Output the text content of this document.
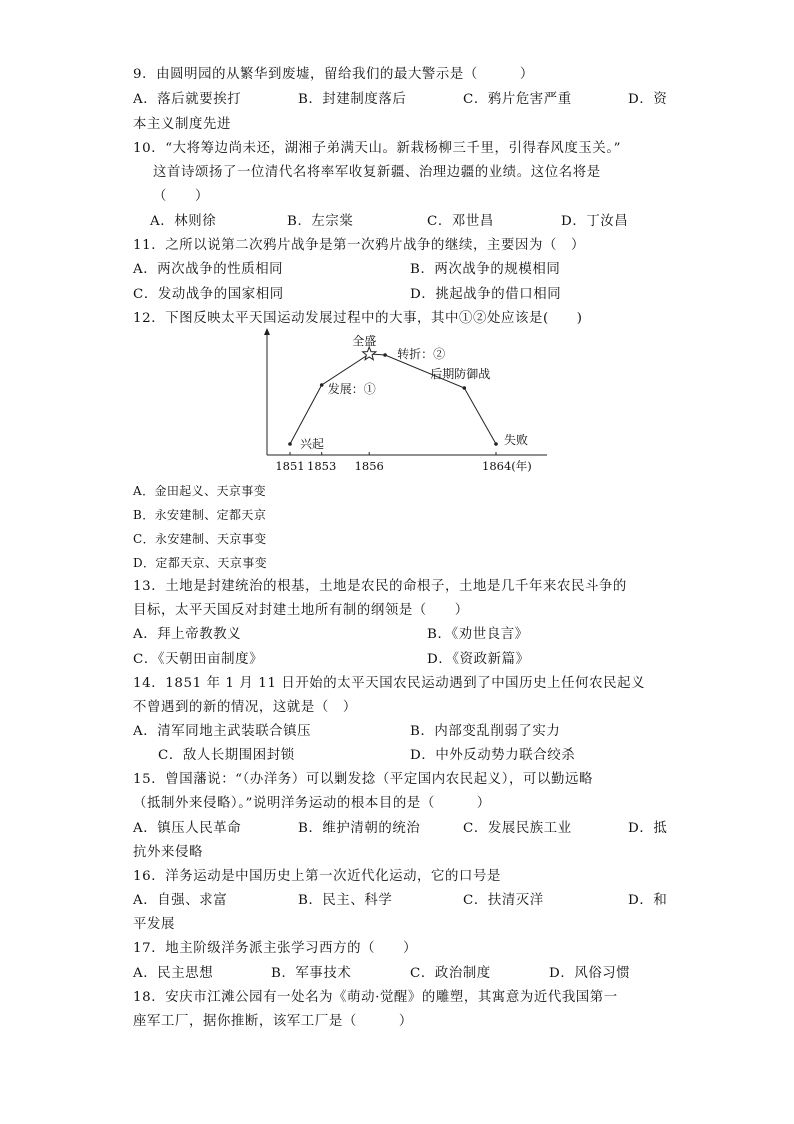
9．由圆明园的从繁华到废墟，留给我们的最大警示是（　　　）
A．落后就要挨打	B．封建制度落后	C．鸦片危害严重	D．资
本主义制度先进
10．“大将筹边尚未还，湖湘子弟满天山。新栽杨柳三千里，引得春风度玉关。”
这首诗颂扬了一位清代名将率军收复新疆、治理边疆的业绩。这位名将是
（　　）
A．林则徐	B．左宗棠	C．邓世昌	D．丁汝昌
11．之所以说第二次鸦片战争是第一次鸦片战争的继续，主要因为（　）
A．两次战争的性质相同	B．两次战争的规模相同
C．发动战争的国家相同	D．挑起战争的借口相同
12．下图反映太平天国运动发展过程中的大事，其中①②处应该是(　　)
兴起
发展：①
全盛
转折：②
后期防御战
失败
1851 1853 1856	1864(年)
A．金田起义、天京事变
B．永安建制、定都天京
C．永安建制、天京事变
D．定都天京、天京事变
13．土地是封建统治的根基，土地是农民的命根子，土地是几千年来农民斗争的
目标，太平天国反对封建土地所有制的纲领是（　　）
A．拜上帝教教义	B．《劝世良言》
C．《天朝田亩制度》	D．《资政新篇》
14．1851 年 1 月 11 日开始的太平天国农民运动遇到了中国历史上任何农民起义
不曾遇到的新的情况，这就是（　）
A．清军同地主武装联合镇压	B．内部变乱削弱了实力
C．敌人长期围困封锁	D．中外反动势力联合绞杀
15．曾国藩说：“（办洋务）可以剿发捻（平定国内农民起义），可以勤远略
（抵制外来侵略）。”说明洋务运动的根本目的是（　　　）
A．镇压人民革命	B．维护清朝的统治	C．发展民族工业	D．抵
抗外来侵略
16．洋务运动是中国历史上第一次近代化运动，它的口号是
A．自强、求富	B．民主、科学	C．扶清灭洋	D．和
平发展
17．地主阶级洋务派主张学习西方的（　　）
A．民主思想	B．军事技术	C．政治制度	D．风俗习惯
18．安庆市江滩公园有一处名为《萌动·觉醒》的雕塑，其寓意为近代我国第一
座军工厂，据你推断，该军工厂是（　　　）
